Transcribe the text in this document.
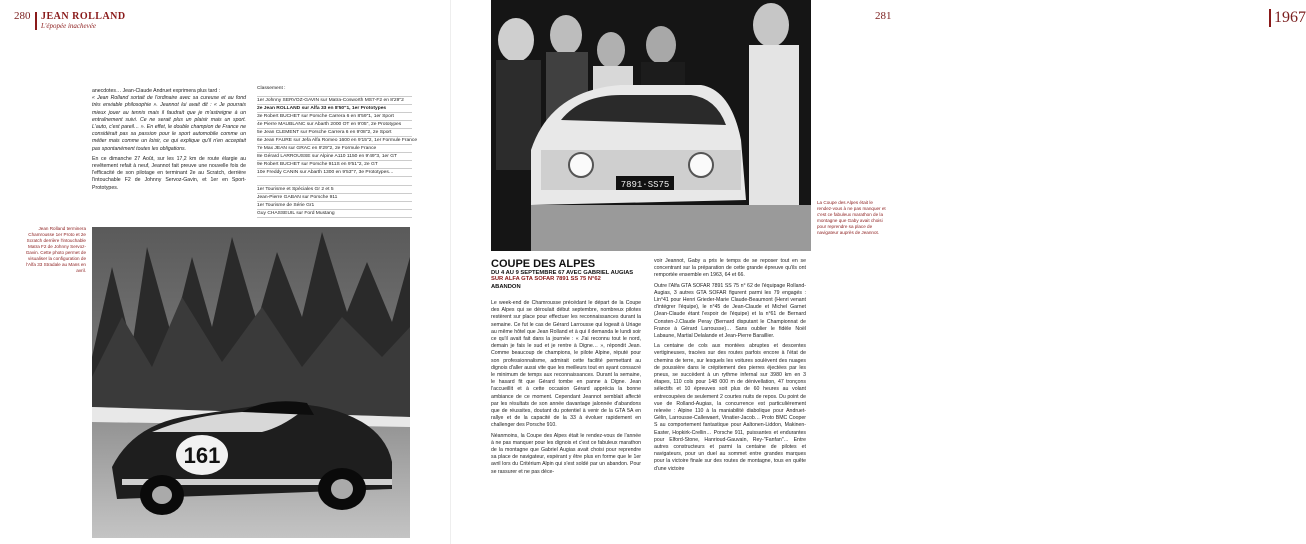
280 JEAN ROLLAND
L'épopée inachevée

anecdotes… Jean-Claude Andruet exprimera plus tard :

« Jean Rolland sortait de l'ordinaire avec sa cureuse et au fond très enviable philosophie ». Jeannot lui avait dit : « Je pourrais mieux jouer au tennis mais il faudrait que je m'astreigne à un entraînement suivi. Ce ne serait plus un plaisir mais un sport. L'auto, c'est pareil… ». En effet, le double champion de France ne considérait pas sa passion pour le sport automobile comme un métier mais comme un loisir, ce qui explique qu'il n'en acceptait pas spontanément toutes les obligations.

En ce dimanche 27 Août, sur les 17,2 km de route élargie au revêtement refait à neuf, Jeannot fait preuve une nouvelle fois de l'efficacité de son pilotage en terminant 2e au Scratch, derrière l'intouchable F2 de Johnny Servoz-Gavin, et 1er en Sport-Prototypes.

Classement :
1er Johnny SERVOZ-GAVIN sur Matra-Cosworth MS7-F2 en 8'29"2
2e Jean ROLLAND sur Alfa 33 en 8'50"1, 1er Prototypes
3e Robert BUCHET sur Porsche Carrera 6 en 8'59"1, 1er Sport
4e Pierre MAUBLANC sur Abarth 2000 OT en 9'05", 2e Prototypes
5e Jean CLEMENT sur Porsche Carrera 6 en 9'08"2, 2e Sport
6e Jean FAURE sur Jefa Alfa Romeo 1600 en 9'15"2, 1er Formule France
7e Max JEAN sur GRAC en 9'29"2, 2e Formule France
8e Gérard LARROUSSE sur Alpine A110 1150 en 9'49"3, 1er GT
9e Robert BUCHET sur Porsche 911S en 9'51"2, 2e GT
10e Freddy CANIN sur Abarth 1300 en 9'53"7, 3e Prototypes…
1er Tourisme et Spéciales Gr 2 et 5
Jean-Pierre GABAN sur Porsche 911
1er Tourisme de Série Gr1
Guy CHASSEUIL sur Ford Mustang
Jean Rolland terminera Chamrousse 1er Proto et 2e Scratch derrière l'intouchable Matra F2 de Johnny Servoz-Gavin. Cette photo permet de visualiser la configuration de l'Alfa 33 Stradale au Mans en avril.
161
7891·SS75
1967
281
La Coupe des Alpes était le rendez-vous à ne pas manquer et c'est ce fabuleux marathon de la montagne que Gaby avait choisi pour reprendre sa place de navigateur auprès de Jeannot.
COUPE DES ALPES
DU 4 AU 9 SEPTEMBRE 67 AVEC GABRIEL AUGIAS
SUR ALFA GTA SOFAR 7891 SS 75 N°62
ABANDON

Le week-end de Chamrousse précédant le départ de la Coupe des Alpes qui se déroulait début septembre, nombreux pilotes restèrent sur place pour effectuer les reconnaissances durant la semaine. Ce fut le cas de Gérard Larrousse qui logeait à Uriage au même hôtel que Jean Rolland et à qui il demanda le lundi soir ce qu'il avait fait dans la journée : « J'ai reconnu tout le nord, demain je fais le sud et je rentre à Digne… », répondit Jean. Comme beaucoup de champions, le pilote Alpine, réputé pour son professionnalisme, admirait cette facilité permettant au dignois d'aller aussi vite que les meilleurs tout en ayant consacré le minimum de temps aux reconnaissances. Durant la semaine, le hasard fit que Gérard tombe en panne à Digne. Jean l'accueillit et à cette occasion Gérard apprécia la bonne ambiance de ce moment. Cependant Jeannot semblait affecté par les résultats de son année davantage jalonnée d'abandons que de réussites, doutant du potentiel à venir de la GTA 5A en rallye et de la capacité de la 33 à évoluer rapidement en challenger des Porsche 910.

Néanmoins, la Coupe des Alpes était le rendez-vous de l'année à ne pas manquer pour les dignois et c'est ce fabuleux marathon de la montagne que Gabriel Augias avait choisi pour reprendre sa place de navigateur, espérant y être plus en forme que le 1er avril lors du Critérium Alpin qui s'est soldé par un abandon. Pour se rassurer et ne pas déce-

voir Jeannot, Gaby a pris le temps de se reposer tout en se concentrant sur la préparation de cette grande épreuve qu'ils ont remportée ensemble en 1963, 64 et 66.

Outre l'Alfa GTA SOFAR 7891 SS 75 n° 62 de l'équipage Rolland-Augias, 3 autres GTA SOFAR figurent parmi les 79 engagés : Lin°41 pour Henri Grieder-Marie Claude-Beaumont (Henri venant d'intégrer l'équipe), le n°45 de Jean-Claude et Michel Garnet (Jean-Claude étant l'espoir de l'équipe) et la n°61 de Bernard Consten-J.Claude Peray (Bernard disputant le Championnat de France à Gérard Larrousse)… Sans oublier le fidèle Noël Labaune, Martial Delalande et Jean-Pierre Baraillier.

La centaine de cols aux montées abruptes et descentes vertigineuses, tracées sur des routes parfois encore à l'état de chemins de terre, sur lesquels les voitures soulèvent des nuages de poussière dans le crépitement des pierres éjectées par les pneus, se succèdent à un rythme infernal sur 3980 km en 3 étapes, 110 cols pour 148 000 m de dénivellation, 47 tronçons sélectifs et 10 épreuves soit plus de 60 heures au volant entrecoupées de seulement 2 courtes nuits de repos. Du point de vue de Rolland-Augias, la concurrence est particulièrement relevée : Alpine 110 à la maniabilité diabolique pour Andruet-Gélin, Larrousse-Callewaert, Vinatier-Jacob… Proto BMC Cooper S au comportement fantastique pour Aaltonen-Liddon, Makinen-Easter, Hopkirk-Crellin… Porsche 911, puissantes et endurantes pour Elford-Stone, Hanrioud-Gauvain, Rey-"Fanfan"… Entre autres constructeurs et parmi la centaine de pilotes et navigateurs, pour un duel au sommet entre grandes marques pour la victoire finale sur des routes de montagne, tous en quête d'une victoire
